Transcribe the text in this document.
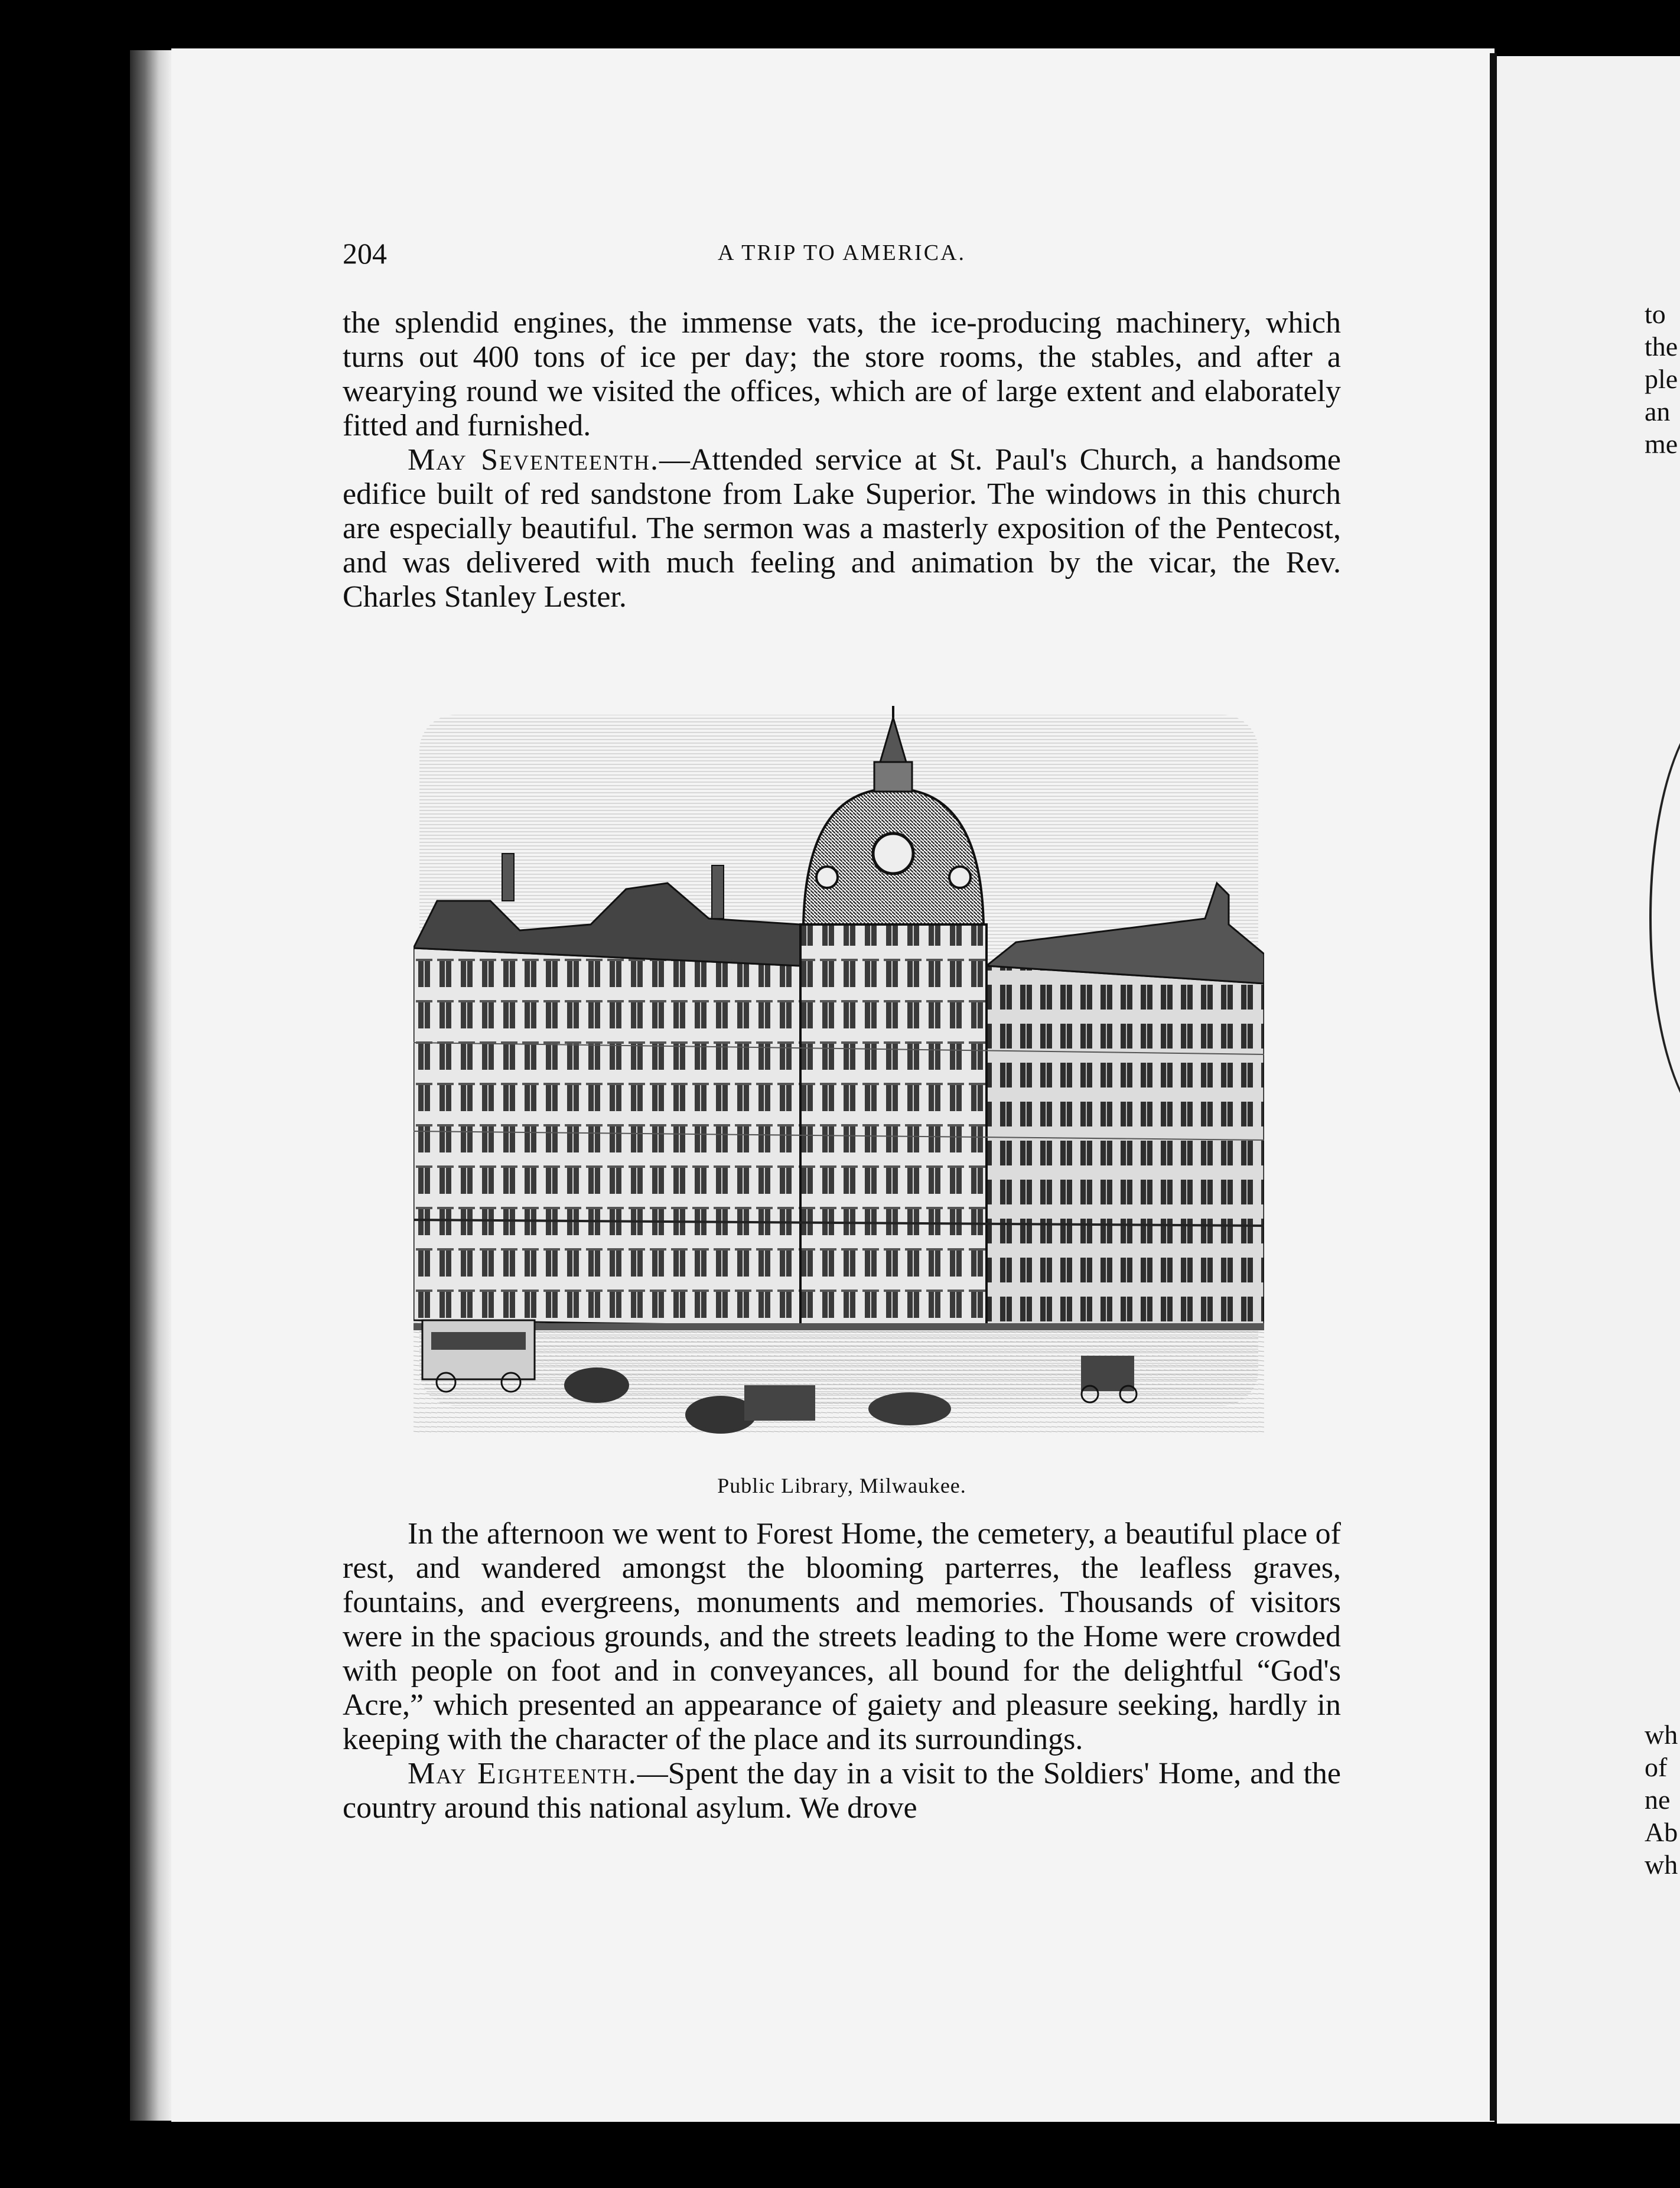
to
the
ple
an
me
wh
of
ne
Ab
wh
204	A TRIP TO AMERICA.

the splendid engines, the immense vats, the ice-producing machinery, which turns out 400 tons of ice per day; the store rooms, the stables, and after a wearying round we visited the offices, which are of large extent and elaborately fitted and furnished.

May Seventeenth.—Attended service at St. Paul's Church, a handsome edifice built of red sandstone from Lake Superior. The windows in this church are especially beautiful. The sermon was a masterly exposition of the Pentecost, and was delivered with much feeling and animation by the vicar, the Rev. Charles Stanley Lester.

Public Library, Milwaukee.

In the afternoon we went to Forest Home, the cemetery, a beautiful place of rest, and wandered amongst the blooming parterres, the leafless graves, fountains, and evergreens, monuments and memories. Thousands of visitors were in the spacious grounds, and the streets leading to the Home were crowded with people on foot and in conveyances, all bound for the delightful “God's Acre,” which presented an appearance of gaiety and pleasure seeking, hardly in keeping with the character of the place and its surroundings.

May Eighteenth.—Spent the day in a visit to the Soldiers' Home, and the country around this national asylum. We drove
